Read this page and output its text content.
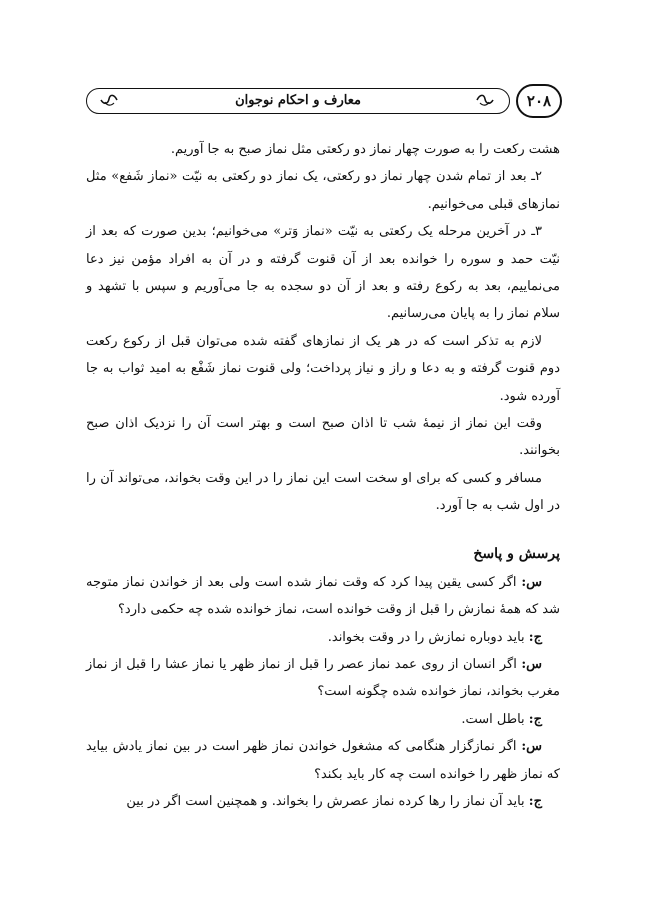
۲۰۸
معارف و احکام نوجوان

هشت رکعت را به صورت چهار نماز دو رکعتی مثل نماز صبح به جا آوریم.

۲ـ بعد از تمام شدن چهار نماز دو رکعتی، یک نماز دو رکعتی به نیّت «نماز شَفع» مثل نمازهای قبلی می‌خوانیم.

۳ـ در آخرین مرحله یک رکعتی به نیّت «نماز وَتر» می‌خوانیم؛ بدین صورت که بعد از نیّت حمد و سوره را خوانده بعد از آن قنوت گرفته و در آن به افراد مؤمن نیز دعا می‌نماییم، بعد به رکوع رفته و بعد از آن دو سجده به جا می‌آوریم و سپس با تشهد و سلام نماز را به پایان می‌رسانیم.

لازم به تذکر است که در هر یک از نمازهای گفته شده می‌توان قبل از رکوع رکعت دوم قنوت گرفته و به دعا و راز و نیاز پرداخت؛ ولی قنوت نماز شَفْع به امید ثواب به جا آورده شود.

وقت این نماز از نیمهٔ شب تا اذان صبح است و بهتر است آن را نزدیک اذان صبح بخوانند.

مسافر و کسی که برای او سخت است این نماز را در این وقت بخواند، می‌تواند آن را در اول شب به جا آورد.

پرسش و پاسخ

س: اگر کسی یقین پیدا کرد که وقت نماز شده است ولی بعد از خواندن نماز متوجه شد که همهٔ نمازش را قبل از وقت خوانده است، نماز خوانده شده چه حکمی دارد؟

ج: باید دوباره نمازش را در وقت بخواند.

س: اگر انسان از روی عمد نماز عصر را قبل از نماز ظهر یا نماز عشا را قبل از نماز مغرب بخواند، نماز خوانده شده چگونه است؟

ج: باطل است.

س: اگر نمازگزار هنگامی که مشغول خواندن نماز ظهر است در بین نماز یادش بیاید که نماز ظهر را خوانده است چه کار باید بکند؟

ج: باید آن نماز را رها کرده نماز عصرش را بخواند. و همچنین است اگر در بین
